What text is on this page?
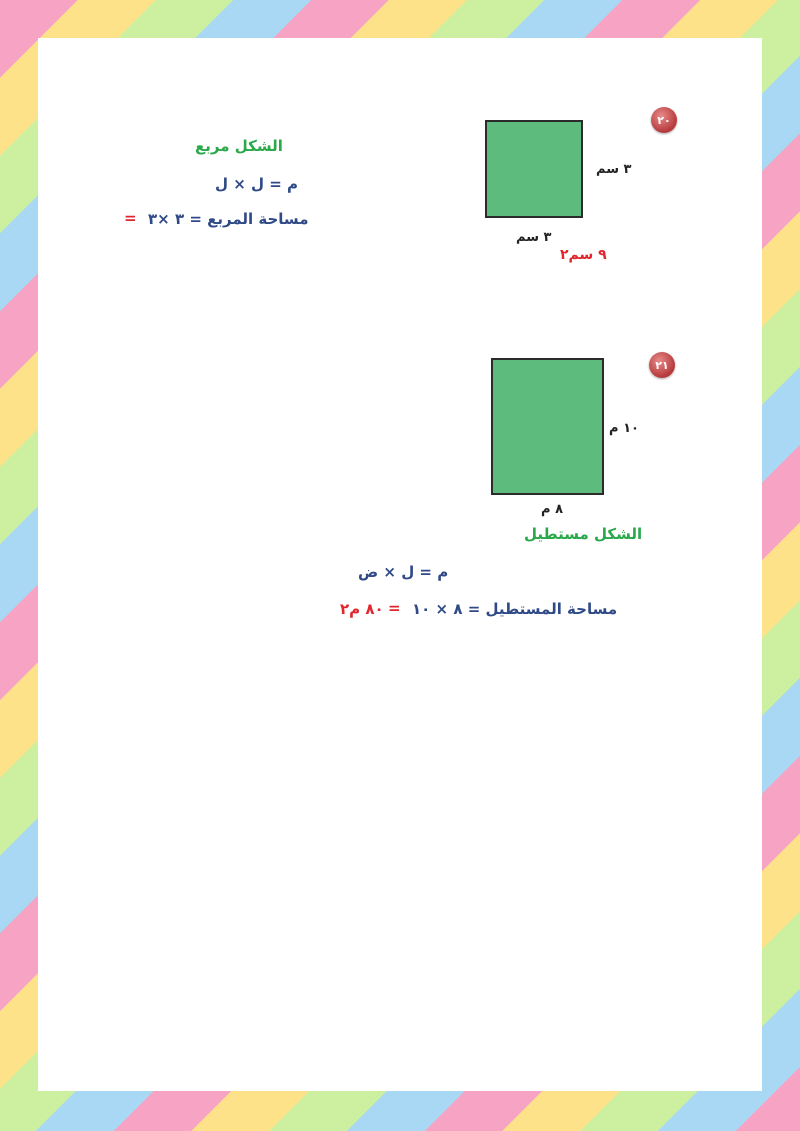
٢٠
٣ سم
٣ سم
٩ سم٢
الشكل مربع
م = ل × ل
مساحة المربع = ٣ ×٣
=
٢١
١٠ م
٨ م
الشكل مستطيل
م = ل × ض
مساحة المستطيل = ٨ × ١٠
=
٨٠ م٢
